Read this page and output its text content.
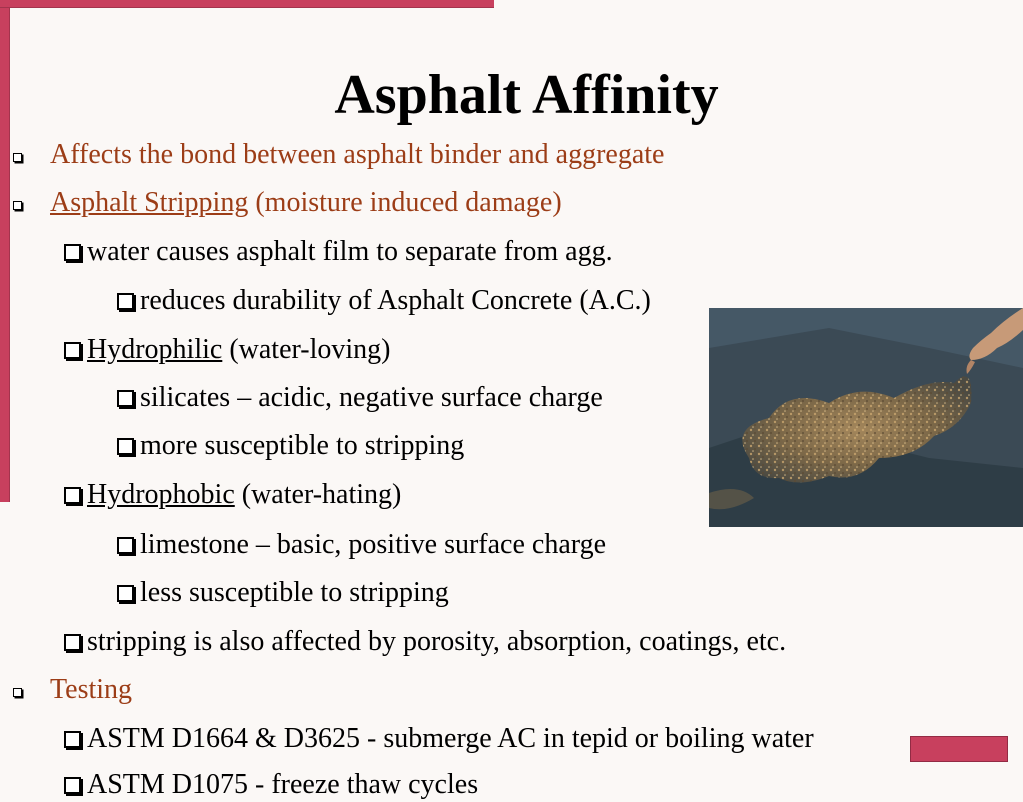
Asphalt Affinity
Affects the bond between asphalt binder and aggregate
Asphalt Stripping (moisture induced damage)
water causes asphalt film to separate from agg.
reduces durability of Asphalt Concrete (A.C.)
Hydrophilic (water-loving)
silicates – acidic, negative surface charge
more susceptible to stripping
Hydrophobic (water-hating)
limestone – basic, positive surface charge
less susceptible to stripping
stripping is also affected by porosity, absorption, coatings, etc.
Testing
ASTM D1664 & D3625 - submerge AC in tepid or boiling water
ASTM D1075 - freeze thaw cycles
